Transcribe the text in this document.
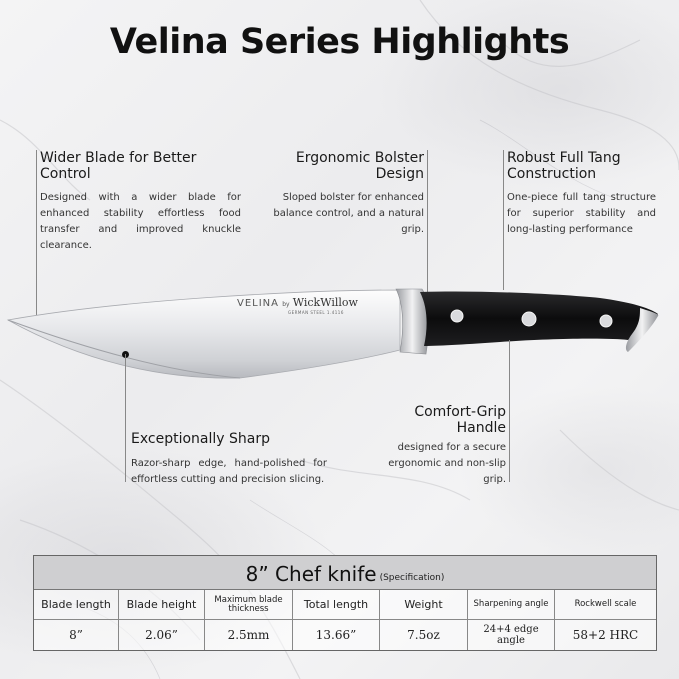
Velina Series Highlights
Wider Blade for Better Control
Designed with a wider blade for enhanced stability effortless food transfer and improved knuckle clearance.
Ergonomic Bolster Design
Sloped bolster for enhanced balance control, and a natural grip.
Robust Full Tang Construction
One-piece full tang structure for superior stability and long-lasting performance
VELINA by WickWillow
GERMAN STEEL 1.4116
Exceptionally Sharp
Razor-sharp edge, hand-polished for effortless cutting and precision slicing.
Comfort-Grip Handle
designed for a secure ergonomic and non-slip grip.
8” Chef knife (Specification)
Blade length	Blade height	Maximum blade thickness	Total length	Weight	Sharpening angle	Rockwell scale
8”	2.06”	2.5mm	13.66”	7.5oz	24+4 edge angle	58+2 HRC
